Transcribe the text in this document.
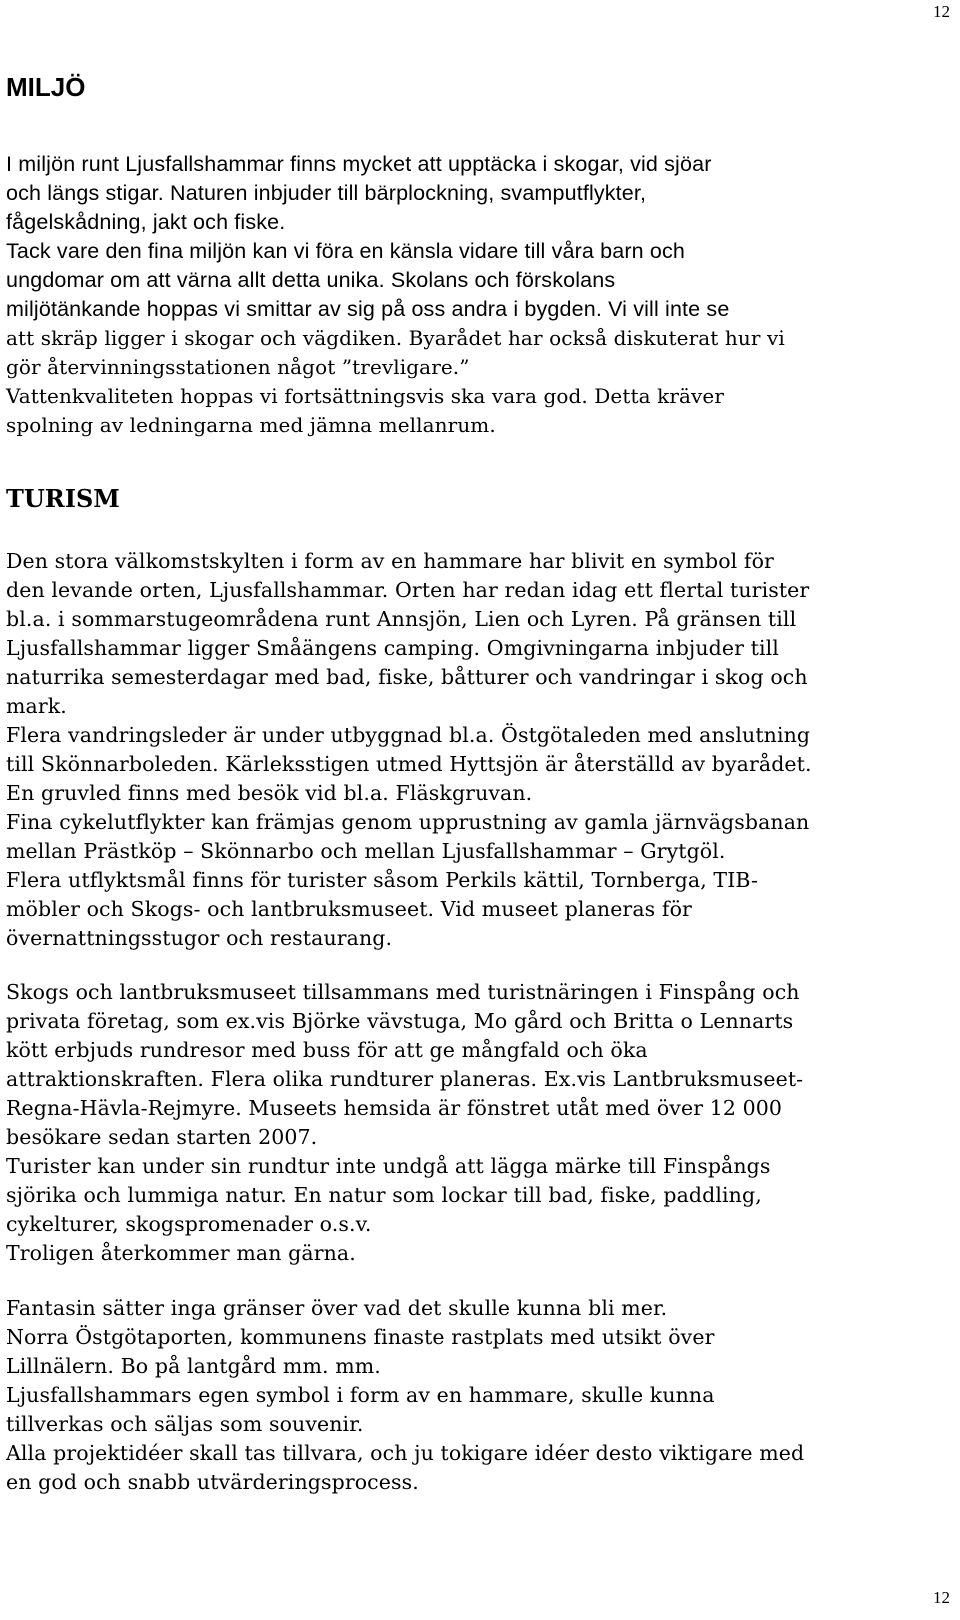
12
MILJÖ
I miljön runt Ljusfallshammar finns mycket att upptäcka i skogar, vid sjöar
och längs stigar. Naturen inbjuder till bärplockning, svamputflykter,
fågelskådning, jakt och fiske.
Tack vare den fina miljön kan vi föra en känsla vidare till våra barn och
ungdomar om att värna allt detta unika. Skolans och förskolans
miljötänkande hoppas vi smittar av sig på oss andra i bygden. Vi vill inte se
att skräp ligger i skogar och vägdiken. Byarådet har också diskuterat hur vi
gör återvinningsstationen något ”trevligare.”
Vattenkvaliteten hoppas vi fortsättningsvis ska vara god. Detta kräver
spolning av ledningarna med jämna mellanrum.
TURISM
Den stora välkomstskylten i form av en hammare har blivit en symbol för
den levande orten, Ljusfallshammar. Orten har redan idag ett flertal turister
bl.a. i sommarstugeområdena runt Annsjön, Lien och Lyren. På gränsen till
Ljusfallshammar ligger Småängens camping. Omgivningarna inbjuder till
naturrika semesterdagar med bad, fiske, båtturer och vandringar i skog och
mark.
Flera vandringsleder är under utbyggnad bl.a. Östgötaleden med anslutning
till Skönnarboleden. Kärleksstigen utmed Hyttsjön är återställd av byarådet.
En gruvled finns med besök vid bl.a. Fläskgruvan.
Fina cykelutflykter kan främjas genom upprustning av gamla järnvägsbanan
mellan Prästköp – Skönnarbo och mellan Ljusfallshammar – Grytgöl.
Flera utflyktsmål finns för turister såsom Perkils kättil, Tornberga, TIB-
möbler och Skogs- och lantbruksmuseet. Vid museet planeras för
övernattningsstugor och restaurang.
Skogs och lantbruksmuseet tillsammans med turistnäringen i Finspång och
privata företag, som ex.vis Björke vävstuga, Mo gård och Britta o Lennarts
kött erbjuds rundresor med buss för att ge mångfald och öka
attraktionskraften. Flera olika rundturer planeras. Ex.vis Lantbruksmuseet-
Regna-Hävla-Rejmyre. Museets hemsida är fönstret utåt med över 12 000
besökare sedan starten 2007.
Turister kan under sin rundtur inte undgå att lägga märke till Finspångs
sjörika och lummiga natur. En natur som lockar till bad, fiske, paddling,
cykelturer, skogspromenader o.s.v.
Troligen återkommer man gärna.
Fantasin sätter inga gränser över vad det skulle kunna bli mer.
Norra Östgötaporten, kommunens finaste rastplats med utsikt över
Lillnälern. Bo på lantgård mm. mm.
Ljusfallshammars egen symbol i form av en hammare, skulle kunna
tillverkas och säljas som souvenir.
Alla projektidéer skall tas tillvara, och ju tokigare idéer desto viktigare med
en god och snabb utvärderingsprocess.
12
